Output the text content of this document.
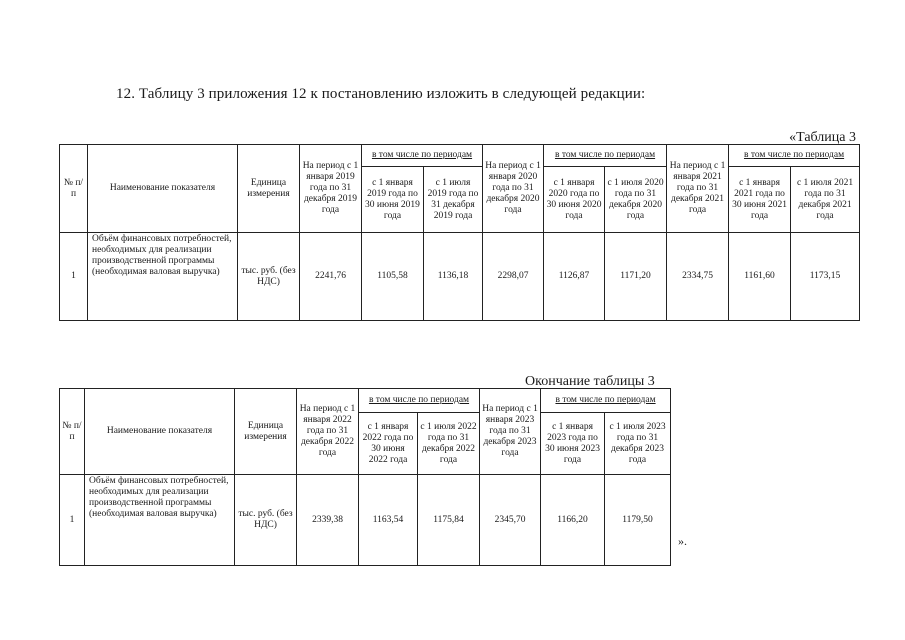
12. Таблицу 3 приложения 12 к постановлению изложить в следующей редакции:
«Таблица 3
№ п/п	Наименование показателя	Единица измерения	На период с 1 января 2019 года по 31 декабря 2019 года	в том числе по периодам		На период с 1 января 2020 года по 31 декабря 2020 года	в том числе по периодам		На период с 1 января 2021 года по 31 декабря 2021 года	в том числе по периодам	
				с 1 января 2019 года по 30 июня 2019 года	с 1 июля 2019 года по 31 декабря 2019 года		с 1 января 2020 года по 30 июня 2020 года	с 1 июля 2020 года по 31 декабря 2020 года		с 1 января 2021 года по 30 июня 2021 года	с 1 июля 2021 года по 31 декабря 2021 года
1	Объём финансовых потребностей, необходимых для реализации производственной программы (необходимая валовая выручка)	тыс. руб. (без НДС)	2241,76	1105,58	1136,18	2298,07	1126,87	1171,20	2334,75	1161,60	1173,15
Окончание таблицы 3
№ п/п	Наименование показателя	Единица измерения	На период с 1 января 2022 года по 31 декабря 2022 года	в том числе по периодам		На период с 1 января 2023 года по 31 декабря 2023 года	в том числе по периодам	
				с 1 января 2022 года по 30 июня 2022 года	с 1 июля 2022 года по 31 декабря 2022 года		с 1 января 2023 года по 30 июня 2023 года	с 1 июля 2023 года по 31 декабря 2023 года
1	Объём финансовых потребностей, необходимых для реализации производственной программы (необходимая валовая выручка)	тыс. руб. (без НДС)	2339,38	1163,54	1175,84	2345,70	1166,20	1179,50
».
